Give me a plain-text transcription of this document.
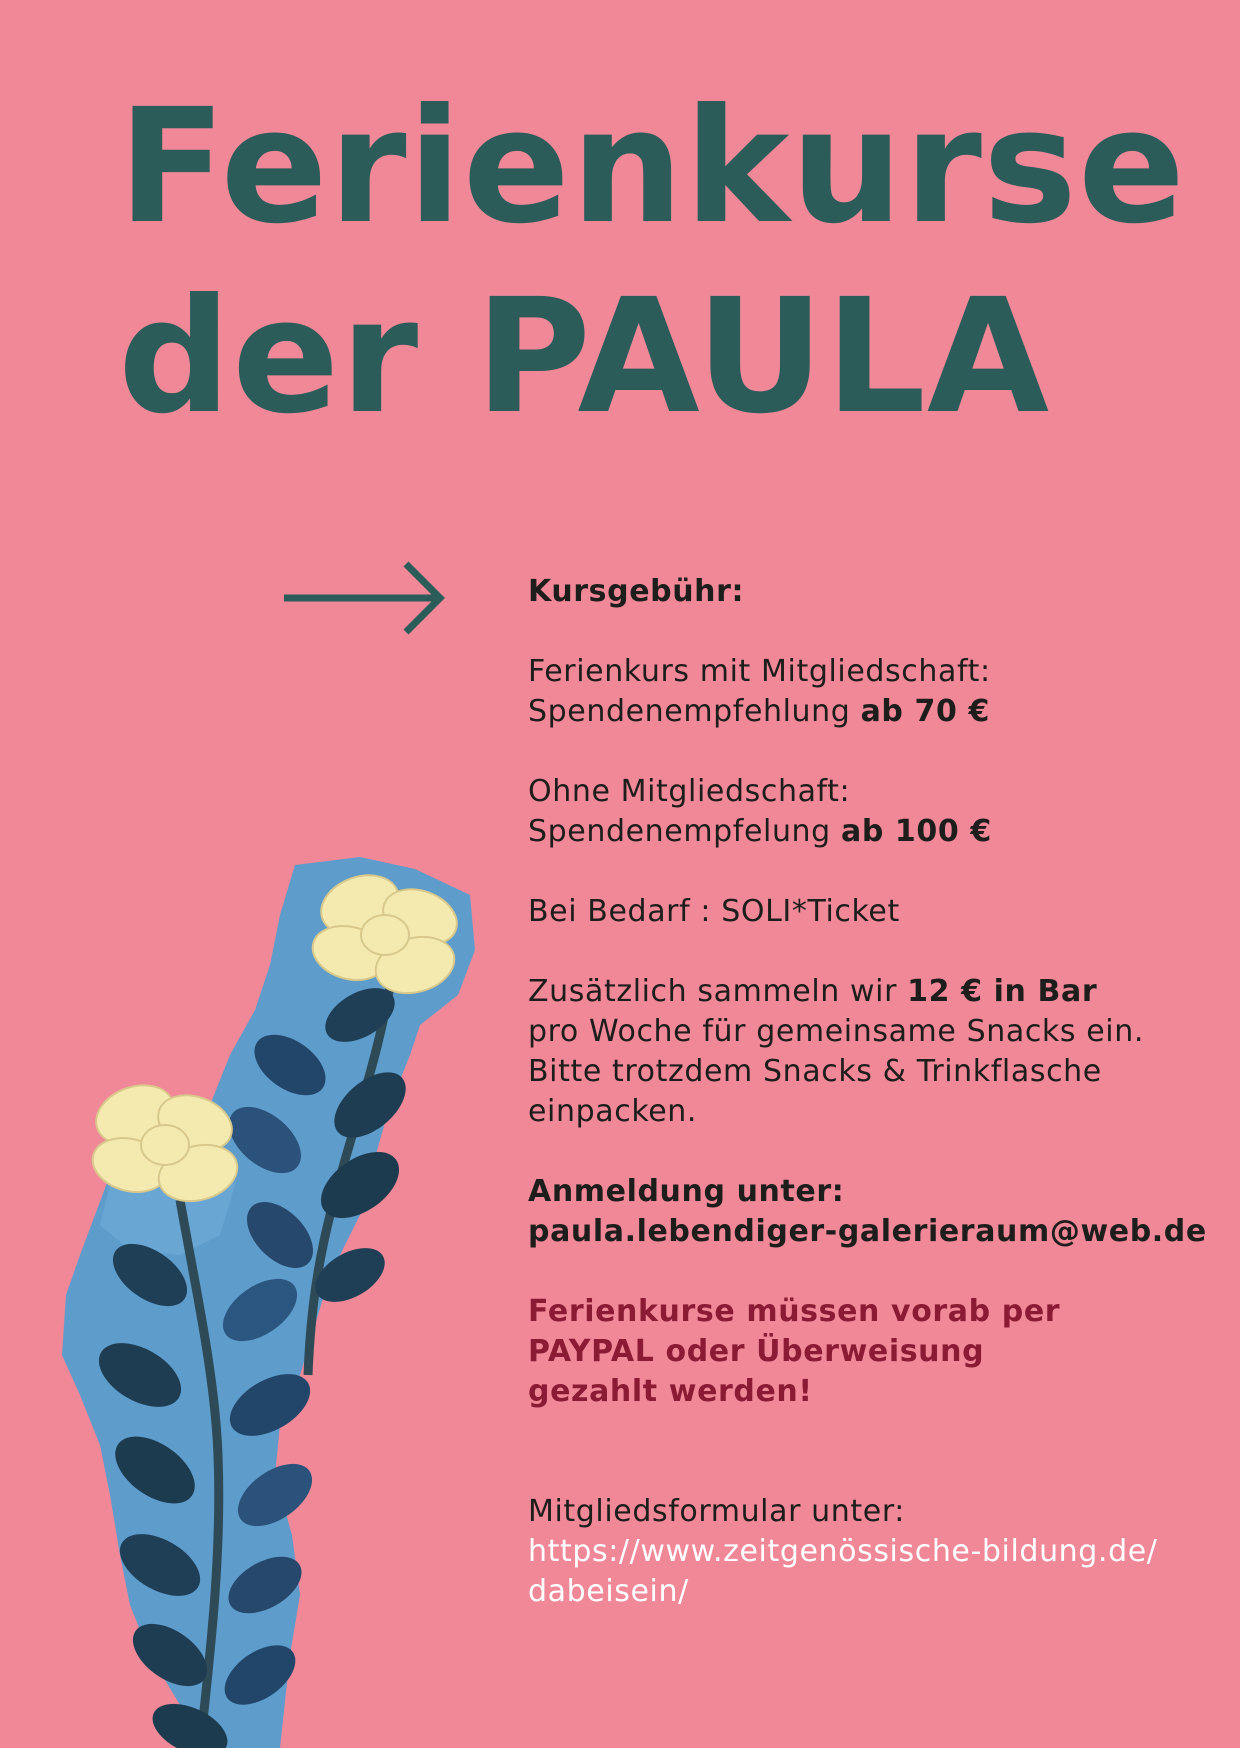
Ferienkurse
der PAULA

Kursgebühr:

Ferienkurs mit Mitgliedschaft:
Spendenempfehlung ab 70 €

Ohne Mitgliedschaft:
Spendenempfelung ab 100 €

Bei Bedarf : SOLI*Ticket

Zusätzlich sammeln wir 12 € in Bar
pro Woche für gemeinsame Snacks ein.
Bitte trotzdem Snacks & Trinkflasche
einpacken.

Anmeldung unter:
paula.lebendiger-galerieraum@web.de

Ferienkurse müssen vorab per
PAYPAL oder Überweisung
gezahlt werden!

Mitgliedsformular unter:
https://www.zeitgenössische-bildung.de/
dabeisein/
